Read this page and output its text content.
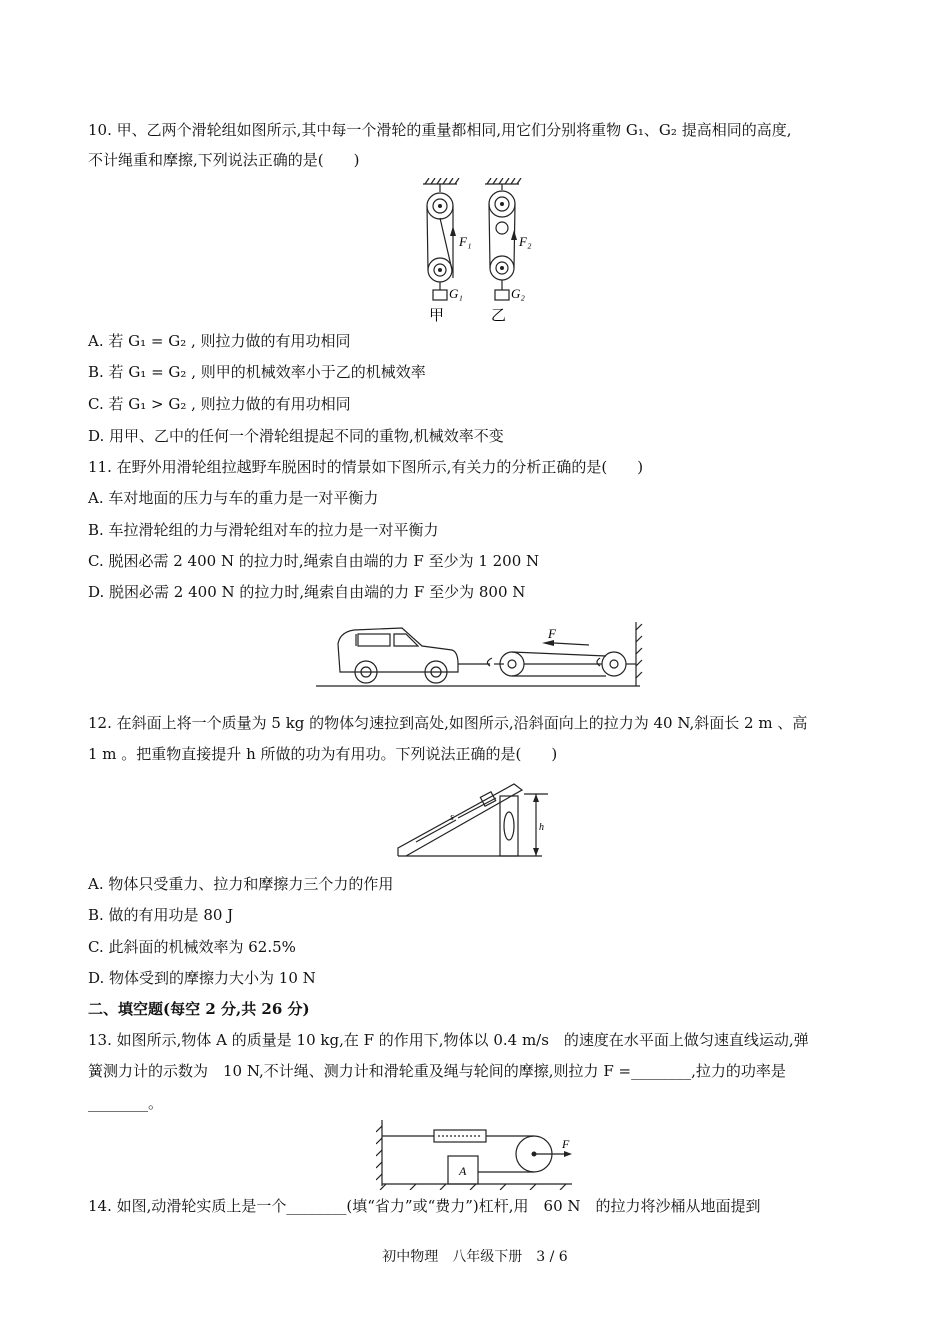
10. 甲、乙两个滑轮组如图所示,其中每一个滑轮的重量都相同,用它们分别将重物 G₁、G₂ 提高相同的高度,
不计绳重和摩擦,下列说法正确的是(　　)
F₁	F₂
G₁	G₂
甲	乙
A. 若 G₁ = G₂ , 则拉力做的有用功相同
B. 若 G₁ = G₂ , 则甲的机械效率小于乙的机械效率
C. 若 G₁ > G₂ , 则拉力做的有用功相同
D. 用甲、乙中的任何一个滑轮组提起不同的重物,机械效率不变
11. 在野外用滑轮组拉越野车脱困时的情景如下图所示,有关力的分析正确的是(　　)
A. 车对地面的压力与车的重力是一对平衡力
B. 车拉滑轮组的力与滑轮组对车的拉力是一对平衡力
C. 脱困必需 2 400 N 的拉力时,绳索自由端的力 F 至少为 1 200 N
D. 脱困必需 2 400 N 的拉力时,绳索自由端的力 F 至少为 800 N
F
12. 在斜面上将一个质量为 5 kg 的物体匀速拉到高处,如图所示,沿斜面向上的拉力为 40 N,斜面长 2 m 、高
1 m 。把重物直接提升 h 所做的功为有用功。下列说法正确的是(　　)
s
h
A. 物体只受重力、拉力和摩擦力三个力的作用
B. 做的有用功是 80 J
C. 此斜面的机械效率为 62.5%
D. 物体受到的摩擦力大小为 10 N
二、填空题(每空 2 分,共 26 分)
13. 如图所示,物体 A 的质量是 10 kg,在 F 的作用下,物体以 0.4 m/s　的速度在水平面上做匀速直线运动,弹
簧测力计的示数为　10 N,不计绳、测力计和滑轮重及绳与轮间的摩擦,则拉力 F =________,拉力的功率是
________。
A
F
14. 如图,动滑轮实质上是一个________(填“省力”或“费力”)杠杆,用　60 N　的拉力将沙桶从地面提到
初中物理　八年级下册　3 / 6
